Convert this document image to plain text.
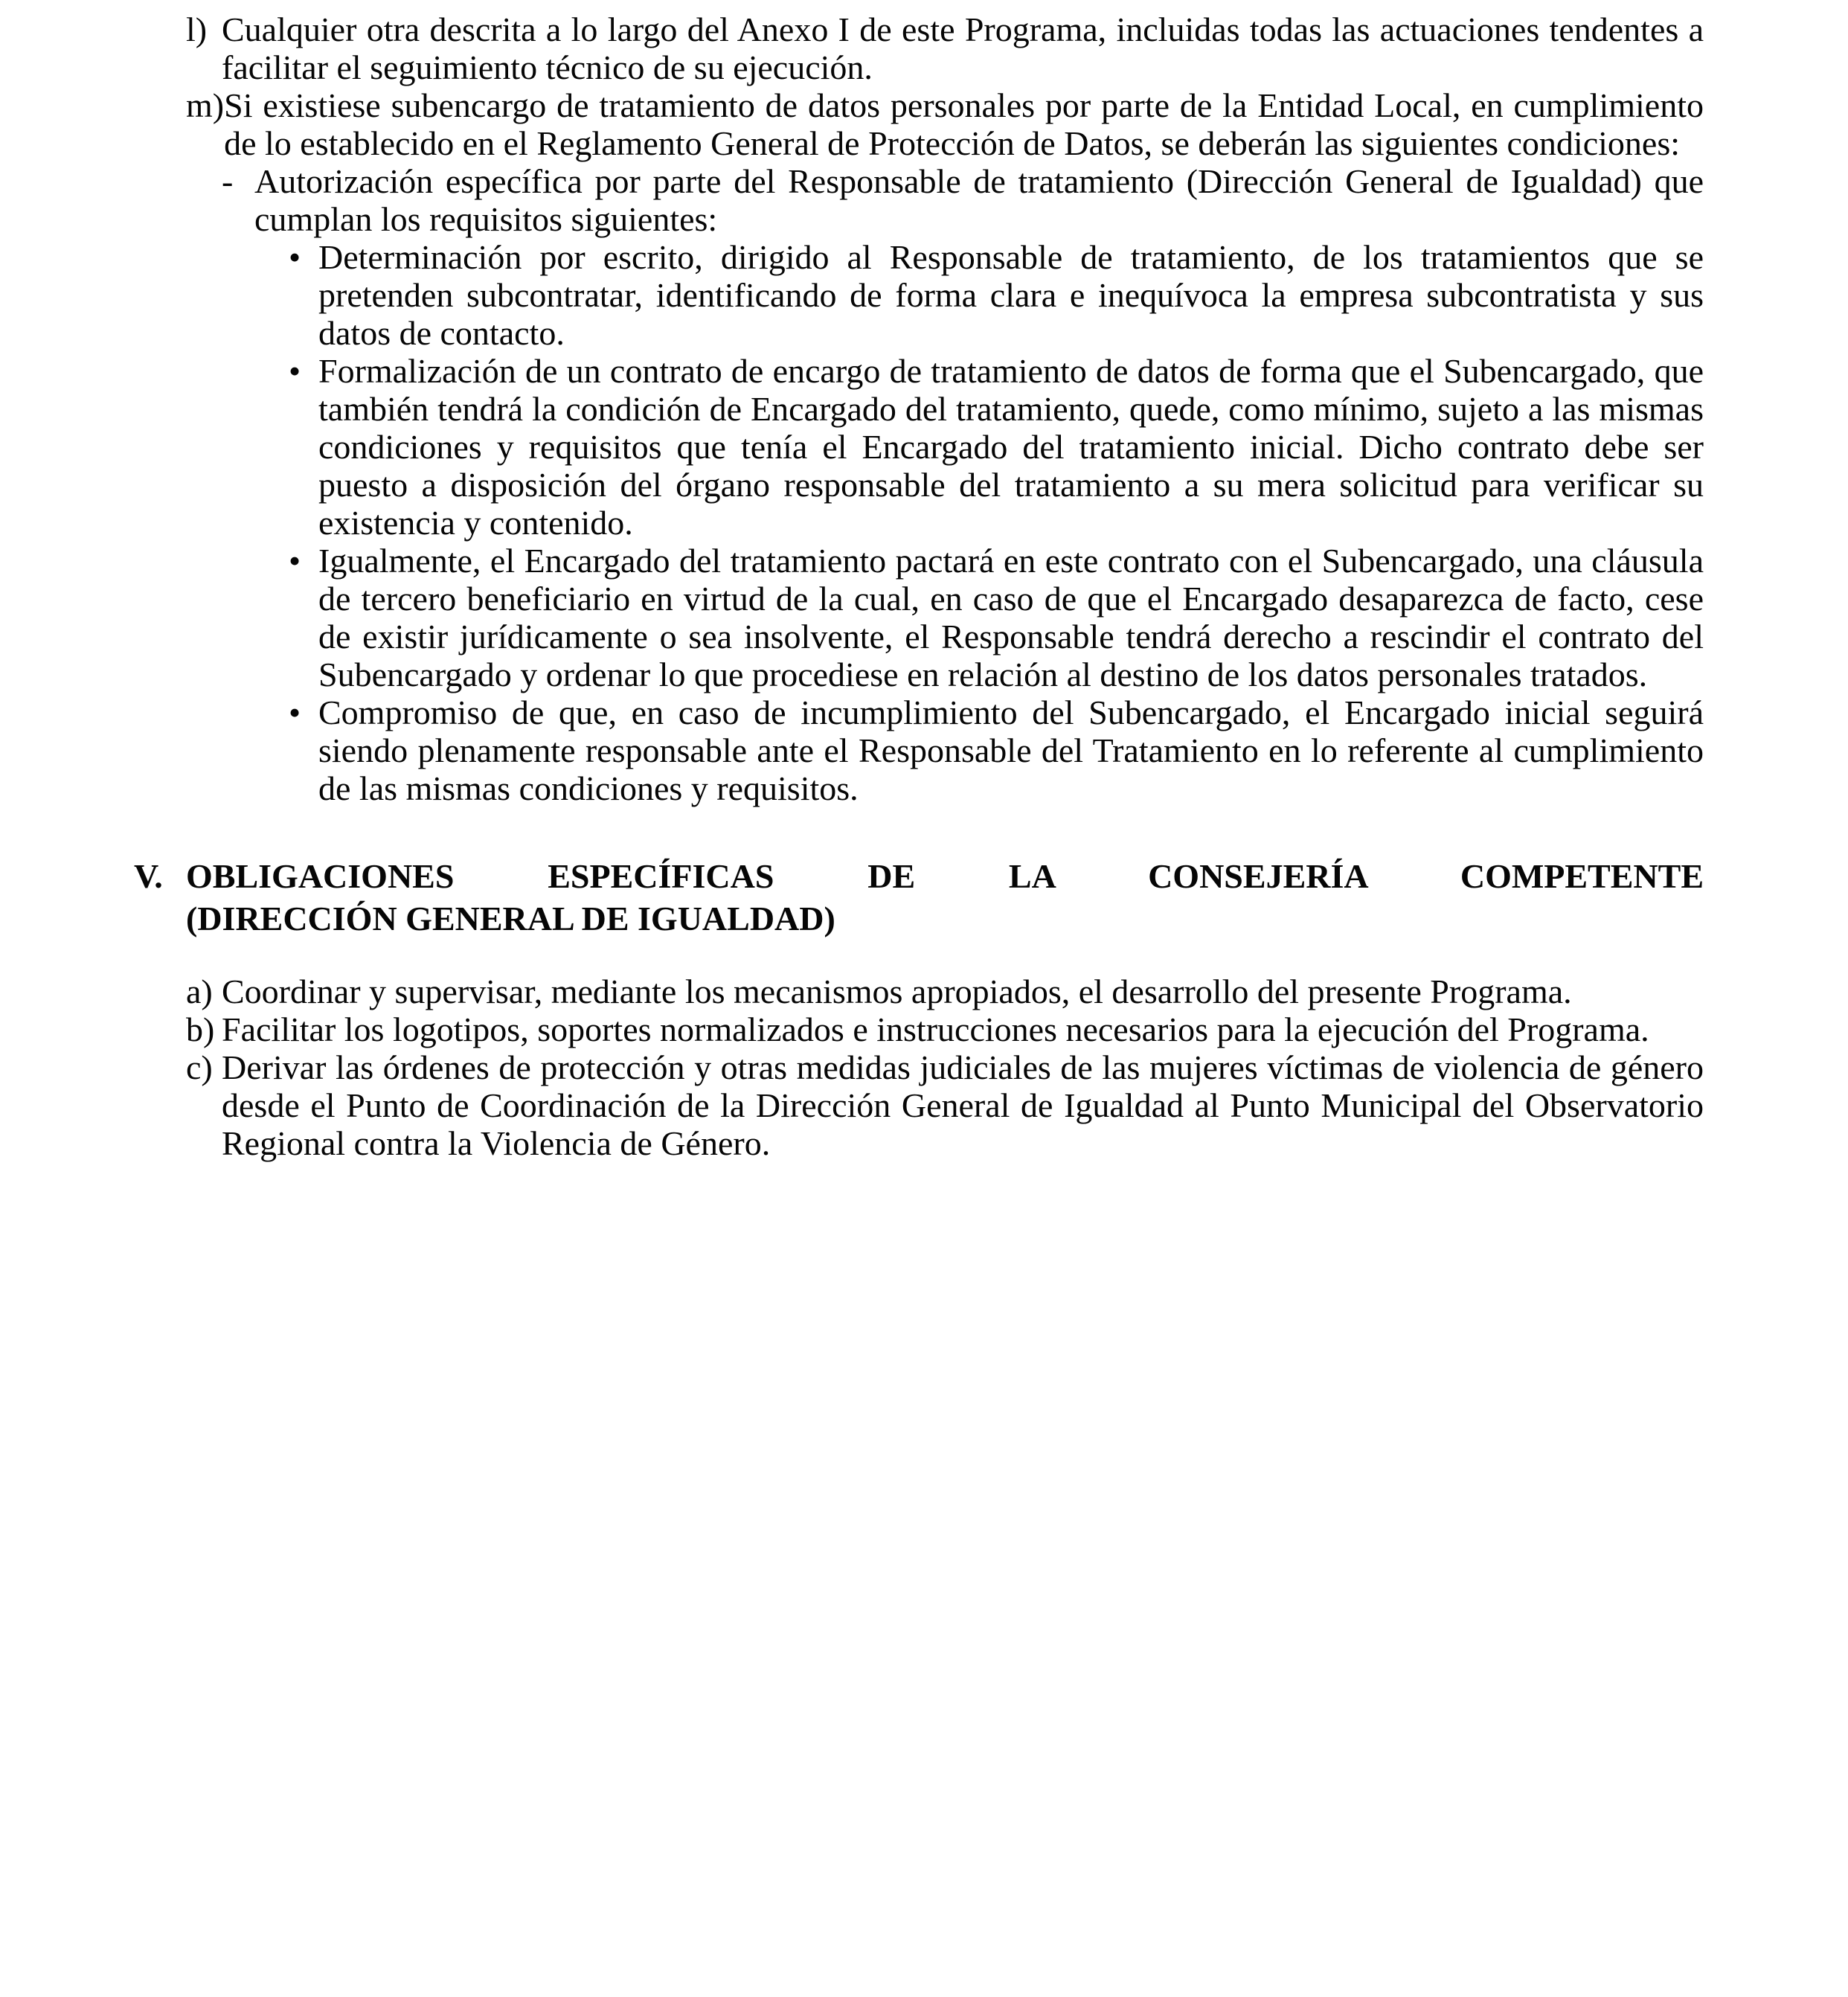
l) Cualquier otra descrita a lo largo del Anexo I de este Programa, incluidas todas las actuaciones tendentes a facilitar el seguimiento técnico de su ejecución.
m) Si existiese subencargo de tratamiento de datos personales por parte de la Entidad Local, en cumplimiento de lo establecido en el Reglamento General de Protección de Datos, se deberán las siguientes condiciones:
- Autorización específica por parte del Responsable de tratamiento (Dirección General de Igualdad) que cumplan los requisitos siguientes:
• Determinación por escrito, dirigido al Responsable de tratamiento, de los tratamientos que se pretenden subcontratar, identificando de forma clara e inequívoca la empresa subcontratista y sus datos de contacto.
• Formalización de un contrato de encargo de tratamiento de datos de forma que el Subencargado, que también tendrá la condición de Encargado del tratamiento, quede, como mínimo, sujeto a las mismas condiciones y requisitos que tenía el Encargado del tratamiento inicial. Dicho contrato debe ser puesto a disposición del órgano responsable del tratamiento a su mera solicitud para verificar su existencia y contenido.
• Igualmente, el Encargado del tratamiento pactará en este contrato con el Subencargado, una cláusula de tercero beneficiario en virtud de la cual, en caso de que el Encargado desaparezca de facto, cese de existir jurídicamente o sea insolvente, el Responsable tendrá derecho a rescindir el contrato del Subencargado y ordenar lo que procediese en relación al destino de los datos personales tratados.
• Compromiso de que, en caso de incumplimiento del Subencargado, el Encargado inicial seguirá siendo plenamente responsable ante el Responsable del Tratamiento en lo referente al cumplimiento de las mismas condiciones y requisitos.
V. OBLIGACIONES ESPECÍFICAS DE LA CONSEJERÍA COMPETENTE
(DIRECCIÓN GENERAL DE IGUALDAD)
a) Coordinar y supervisar, mediante los mecanismos apropiados, el desarrollo del presente Programa.
b) Facilitar los logotipos, soportes normalizados e instrucciones necesarios para la ejecución del Programa.
c) Derivar las órdenes de protección y otras medidas judiciales de las mujeres víctimas de violencia de género desde el Punto de Coordinación de la Dirección General de Igualdad al Punto Municipal del Observatorio Regional contra la Violencia de Género.
